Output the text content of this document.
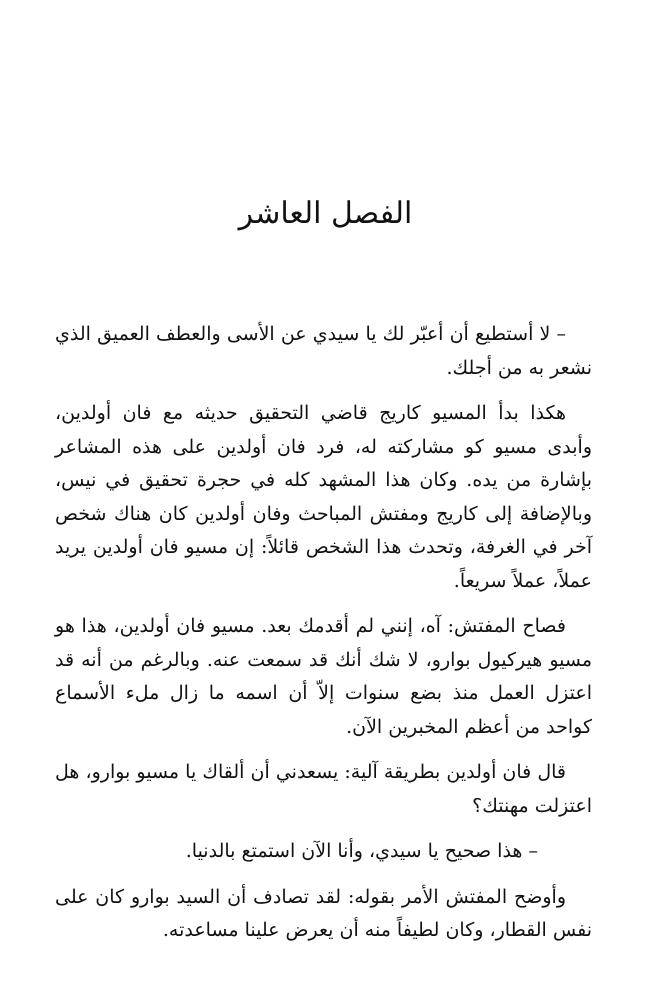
الفصل العاشر

– لا أستطيع أن أعبّر لك يا سيدي عن الأسى والعطف العميق الذي نشعر به من أجلك.

هكذا بدأ المسيو كاريج قاضي التحقيق حديثه مع فان أولدين، وأبدى مسيو كو مشاركته له، فرد فان أولدين على هذه المشاعر بإشارة من يده. وكان هذا المشهد كله في حجرة تحقيق في نيس، وبالإضافة إلى كاريج ومفتش المباحث وفان أولدين كان هناك شخص آخر في الغرفة، وتحدث هذا الشخص قائلاً: إن مسيو فان أولدين يريد عملاً، عملاً سريعاً.

فصاح المفتش: آه، إنني لم أقدمك بعد. مسيو فان أولدين، هذا هو مسيو هيركيول بوارو، لا شك أنك قد سمعت عنه. وبالرغم من أنه قد اعتزل العمل منذ بضع سنوات إلاّ أن اسمه ما زال ملء الأسماع كواحد من أعظم المخبرين الآن.

قال فان أولدين بطريقة آلية: يسعدني أن ألقاك يا مسيو بوارو، هل اعتزلت مهنتك؟

– هذا صحيح يا سيدي، وأنا الآن استمتع بالدنيا.

وأوضح المفتش الأمر بقوله: لقد تصادف أن السيد بوارو كان على نفس القطار، وكان لطيفاً منه أن يعرض علينا مساعدته.
